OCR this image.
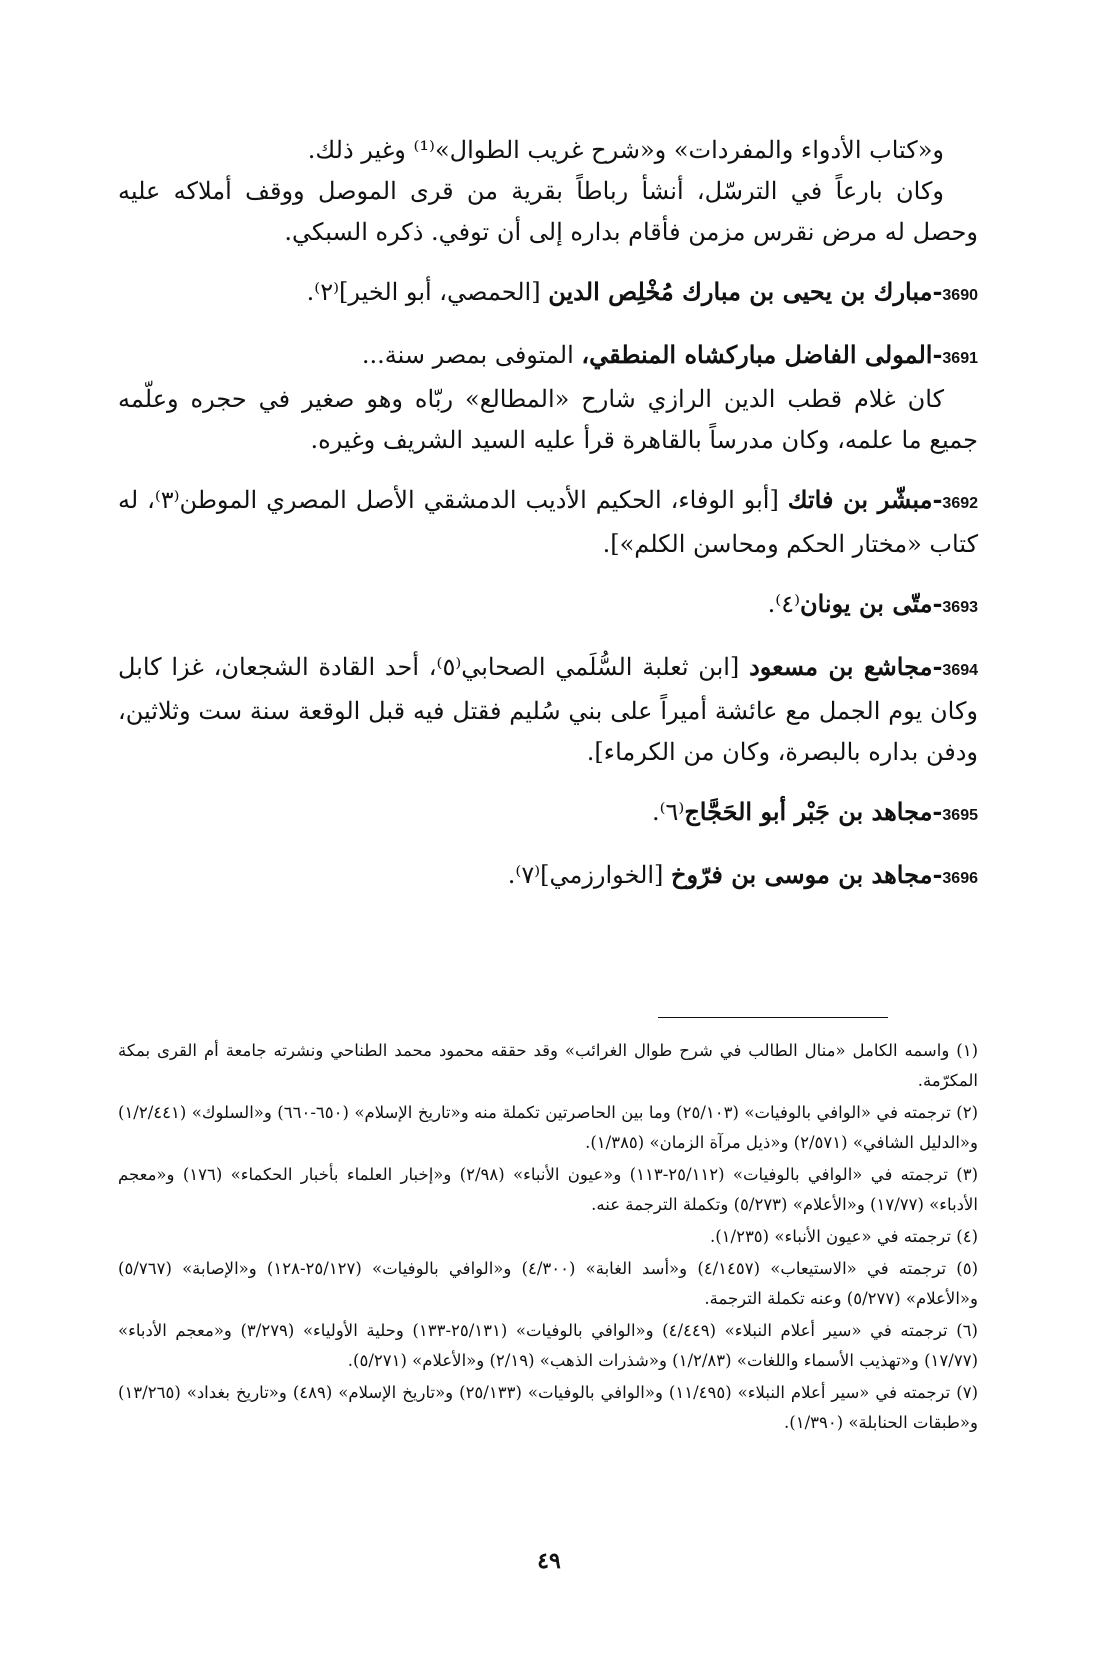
و«كتاب الأدواء والمفردات» و«شرح غريب الطوال»⁽¹⁾ وغير ذلك.

وكان بارعاً في الترسّل، أنشأ رباطاً بقرية من قرى الموصل ووقف أملاكه عليه وحصل له مرض نقرس مزمن فأقام بداره إلى أن توفي. ذكره السبكي.

3690-مبارك بن يحيى بن مبارك مُخْلِص الدين [الحمصي، أبو الخير]⁽٢⁾.

3691-المولى الفاضل مباركشاه المنطقي، المتوفى بمصر سنة...

كان غلام قطب الدين الرازي شارح «المطالع» ربّاه وهو صغير في حجره وعلّمه جميع ما علمه، وكان مدرساً بالقاهرة قرأ عليه السيد الشريف وغيره.

3692-مبشّر بن فاتك [أبو الوفاء، الحكيم الأديب الدمشقي الأصل المصري الموطن⁽٣⁾، له كتاب «مختار الحكم ومحاسن الكلم»].

3693-متّى بن يونان⁽٤⁾.

3694-مجاشع بن مسعود [ابن ثعلبة السُّلَمي الصحابي⁽٥⁾، أحد القادة الشجعان، غزا كابل وكان يوم الجمل مع عائشة أميراً على بني سُليم فقتل فيه قبل الوقعة سنة ست وثلاثين، ودفن بداره بالبصرة، وكان من الكرماء].

3695-مجاهد بن جَبْر أبو الحَجَّاج⁽٦⁾.

3696-مجاهد بن موسى بن فرّوخ [الخوارزمي]⁽٧⁾.

(١) واسمه الكامل «منال الطالب في شرح طوال الغرائب» وقد حققه محمود محمد الطناحي ونشرته جامعة أم القرى بمكة المكرّمة.

(٢) ترجمته في «الوافي بالوفيات» (٢٥/١٠٣) وما بين الحاصرتين تكملة منه و«تاريخ الإسلام» (٦٥٠-٦٦٠) و«السلوك» (١/٢/٤٤١) و«الدليل الشافي» (٢/٥٧١) و«ذيل مرآة الزمان» (١/٣٨٥).

(٣) ترجمته في «الوافي بالوفيات» (٢٥/١١٢-١١٣) و«عيون الأنباء» (٢/٩٨) و«إخبار العلماء بأخبار الحكماء» (١٧٦) و«معجم الأدباء» (١٧/٧٧) و«الأعلام» (٥/٢٧٣) وتكملة الترجمة عنه.

(٤) ترجمته في «عيون الأنباء» (١/٢٣٥).

(٥) ترجمته في «الاستيعاب» (٤/١٤٥٧) و«أسد الغابة» (٤/٣٠٠) و«الوافي بالوفيات» (٢٥/١٢٧-١٢٨) و«الإصابة» (٥/٧٦٧) و«الأعلام» (٥/٢٧٧) وعنه تكملة الترجمة.

(٦) ترجمته في «سير أعلام النبلاء» (٤/٤٤٩) و«الوافي بالوفيات» (٢٥/١٣١-١٣٣) وحلية الأولياء» (٣/٢٧٩) و«معجم الأدباء» (١٧/٧٧) و«تهذيب الأسماء واللغات» (١/٢/٨٣) و«شذرات الذهب» (٢/١٩) و«الأعلام» (٥/٢٧١).

(٧) ترجمته في «سير أعلام النبلاء» (١١/٤٩٥) و«الوافي بالوفيات» (٢٥/١٣٣) و«تاريخ الإسلام» (٤٨٩) و«تاريخ بغداد» (١٣/٢٦٥) و«طبقات الحنابلة» (١/٣٩٠).

٤٩
